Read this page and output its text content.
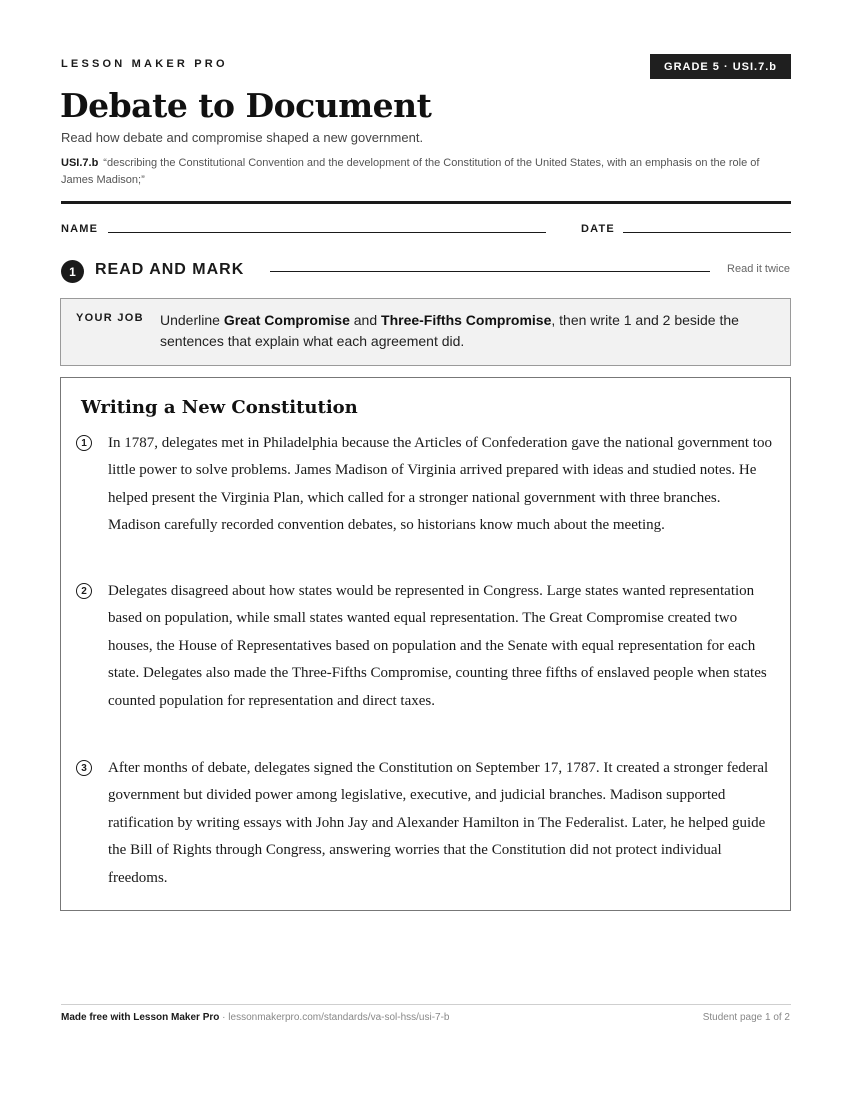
LESSON MAKER PRO	GRADE 5 · USI.7.b
Debate to Document
Read how debate and compromise shaped a new government.
USI.7.b “describing the Constitutional Convention and the development of the Constitution of the United States, with an emphasis on the role of James Madison;”
NAME	DATE
1	READ AND MARK	Read it twice
YOUR JOB Underline Great Compromise and Three-Fifths Compromise, then write 1 and 2 beside the sentences that explain what each agreement did.
Writing a New Constitution
1	In 1787, delegates met in Philadelphia because the Articles of Confederation gave the national government too little power to solve problems. James Madison of Virginia arrived prepared with ideas and studied notes. He helped present the Virginia Plan, which called for a stronger national government with three branches. Madison carefully recorded convention debates, so historians know much about the meeting.

2	Delegates disagreed about how states would be represented in Congress. Large states wanted representation based on population, while small states wanted equal representation. The Great Compromise created two houses, the House of Representatives based on population and the Senate with equal representation for each state. Delegates also made the Three-Fifths Compromise, counting three fifths of enslaved people when states counted population for representation and direct taxes.

3	After months of debate, delegates signed the Constitution on September 17, 1787. It created a stronger federal government but divided power among legislative, executive, and judicial branches. Madison supported ratification by writing essays with John Jay and Alexander Hamilton in The Federalist. Later, he helped guide the Bill of Rights through Congress, answering worries that the Constitution did not protect individual freedoms.

Made free with Lesson Maker Pro · lessonmakerpro.com/standards/va-sol-hss/usi-7-b	Student page 1 of 2
